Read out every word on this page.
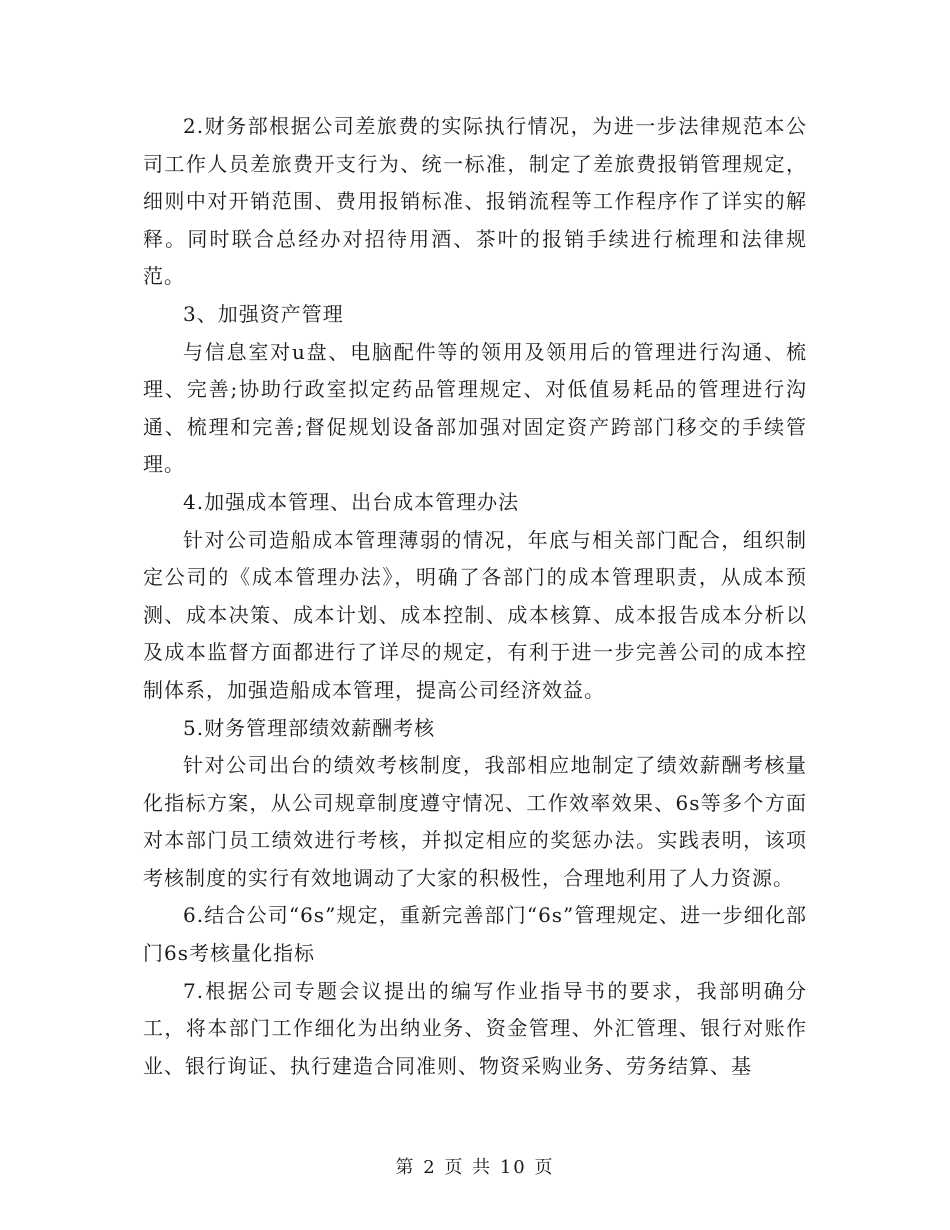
2.财务部根据公司差旅费的实际执行情况，为进一步法律规范本公司工作人员差旅费开支行为、统一标准，制定了差旅费报销管理规定，细则中对开销范围、费用报销标准、报销流程等工作程序作了详实的解释。同时联合总经办对招待用酒、茶叶的报销手续进行梳理和法律规范。

3、加强资产管理

与信息室对u盘、电脑配件等的领用及领用后的管理进行沟通、梳理、完善;协助行政室拟定药品管理规定、对低值易耗品的管理进行沟通、梳理和完善;督促规划设备部加强对固定资产跨部门移交的手续管理。

4.加强成本管理、出台成本管理办法

针对公司造船成本管理薄弱的情况，年底与相关部门配合，组织制定公司的《成本管理办法》，明确了各部门的成本管理职责，从成本预测、成本决策、成本计划、成本控制、成本核算、成本报告成本分析以及成本监督方面都进行了详尽的规定，有利于进一步完善公司的成本控制体系，加强造船成本管理，提高公司经济效益。

5.财务管理部绩效薪酬考核

针对公司出台的绩效考核制度，我部相应地制定了绩效薪酬考核量化指标方案，从公司规章制度遵守情况、工作效率效果、6s等多个方面对本部门员工绩效进行考核，并拟定相应的奖惩办法。实践表明，该项考核制度的实行有效地调动了大家的积极性，合理地利用了人力资源。

6.结合公司“6s”规定，重新完善部门“6s”管理规定、进一步细化部门6s考核量化指标

7.根据公司专题会议提出的编写作业指导书的要求，我部明确分工，将本部门工作细化为出纳业务、资金管理、外汇管理、银行对账作业、银行询证、执行建造合同准则、物资采购业务、劳务结算、基

第 2 页 共 10 页
